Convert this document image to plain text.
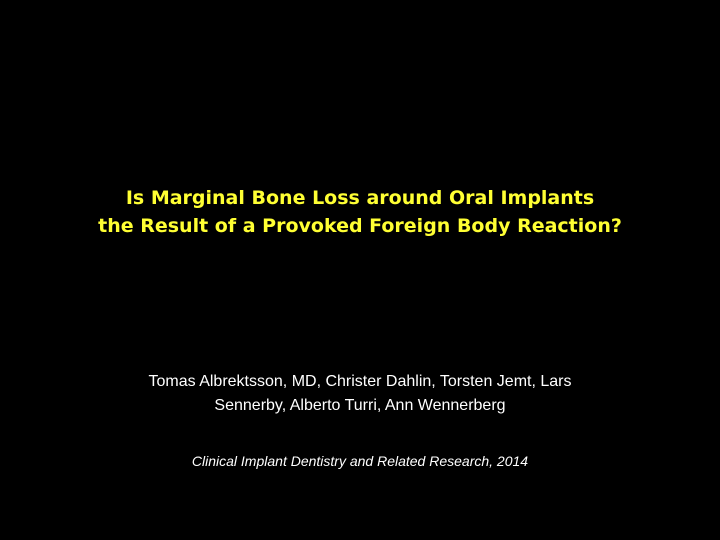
Is Marginal Bone Loss around Oral Implants
the Result of a Provoked Foreign Body Reaction?
Tomas Albrektsson, MD, Christer Dahlin, Torsten Jemt, Lars
Sennerby, Alberto Turri, Ann Wennerberg
Clinical Implant Dentistry and Related Research, 2014
